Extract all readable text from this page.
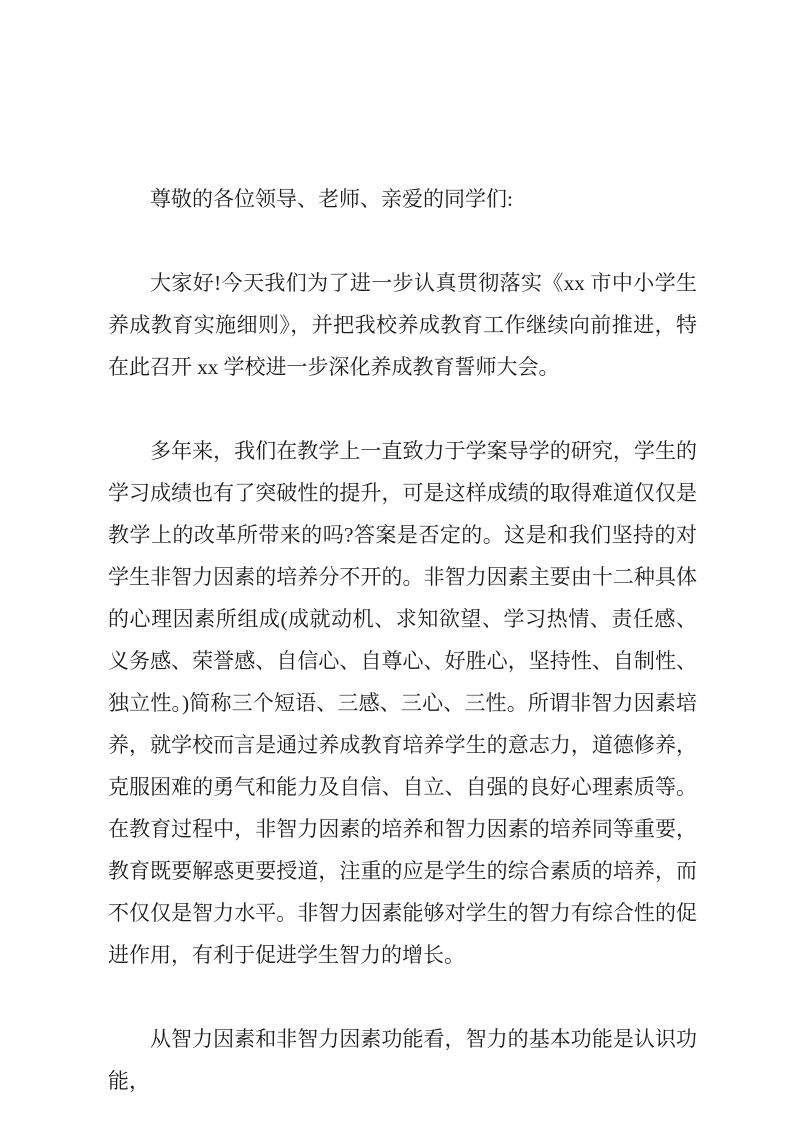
尊敬的各位领导、老师、亲爱的同学们:

大家好!今天我们为了进一步认真贯彻落实《xx 市中小学生养成教育实施细则》，并把我校养成教育工作继续向前推进，特在此召开 xx 学校进一步深化养成教育誓师大会。

多年来，我们在教学上一直致力于学案导学的研究，学生的学习成绩也有了突破性的提升，可是这样成绩的取得难道仅仅是教学上的改革所带来的吗?答案是否定的。这是和我们坚持的对学生非智力因素的培养分不开的。非智力因素主要由十二种具体的心理因素所组成(成就动机、求知欲望、学习热情、责任感、义务感、荣誉感、自信心、自尊心、好胜心，坚持性、自制性、独立性。)简称三个短语、三感、三心、三性。所谓非智力因素培养，就学校而言是通过养成教育培养学生的意志力，道德修养，克服困难的勇气和能力及自信、自立、自强的良好心理素质等。在教育过程中，非智力因素的培养和智力因素的培养同等重要，教育既要解惑更要授道，注重的应是学生的综合素质的培养，而不仅仅是智力水平。非智力因素能够对学生的智力有综合性的促进作用，有利于促进学生智力的增长。

从智力因素和非智力因素功能看，智力的基本功能是认识功能，
